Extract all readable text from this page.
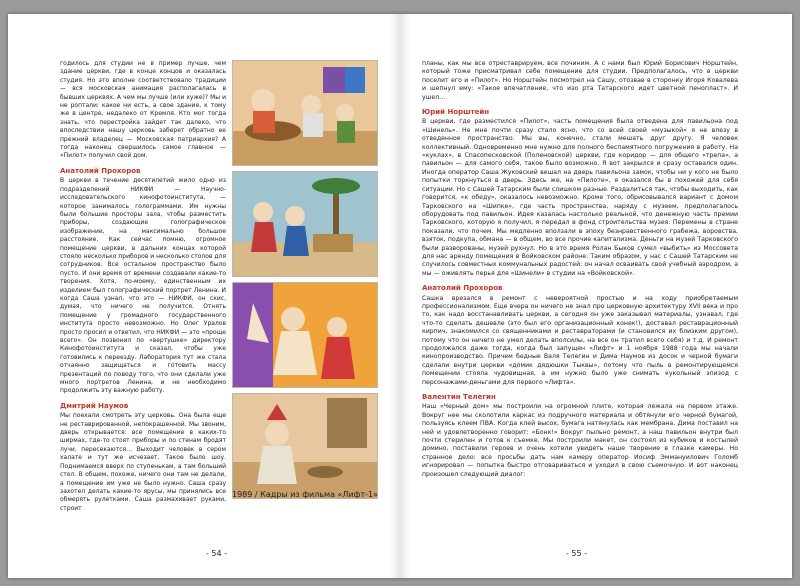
годилось для студии не в пример лучше, чем здание церкви, где в конце концов и оказалась студия. Но это вполне соответствовало традиции — вся московская анимация располагалась в бывших церквях. А чем мы лучше (или хуже)? Мы и не роптали: какое ни есть, а свое здание, к тому же в центре, недалеко от Кремля. Кто мог тогда знать, что перестройка зайдет так далеко, что впоследствии нашу церковь заберет обратно ее прежний владелец — Московская патриархия? А тогда наконец свершилось самое главное — «Пилот» получил свой дом.

Анатолий Прохоров

В церкви в течение десятилетий жило одно из подразделений НИКФИ — Научно-исследовательского кинофотоинститута, — которое занималось голограммами. Им нужны были большие просторы зала, чтобы разместить приборы, создающие голографическое изображение, на максимально большое расстояние. Как сейчас помню, огромное помещение церкви, в дальних концах которой стояло несколько приборов и несколько столов для сотрудников. Все остальное пространство было пусто. И они время от времени создавали какие-то творения. Хотя, по-моему, единственным их изделием был голографический портрет Ленина. И когда Саша узнал, что это — НИКФИ, он скис, думая, что ничего не получится. Отнять помещение у громадного государственного института просто невозможно. Но Олег Уралов просто просил и ответил, что НИКФИ — это «проще всего». Он позвонил по «вертушке» директору Кинофотоинститута и сказал, чтобы уже готовились к переезду. Лаборатория тут же стала отчаянно защищаться и готовить массу презентаций по поводу того, что они сделали уже много портретов Ленина, и не необходимо продолжить эту важную работу.

Дмитрий Наумов

Мы поехали смотреть эту церковь. Она была еще не реставрированной, непокрашенной. Мы звоним, дверь открывается: все помещение в каких-то ширмах, где-то стоят приборы и по стенам бродят лучи, пересекаются… Выходит человек в сером халате и тут же исчезает. Такое было шоу. Поднимаемся вверх по ступенькам, а там больший стол. В общем, похоже, ничего они там не делали, а помещение им уже не было нужно. Саша сразу захотел делать какие-то ярусы, мы принялись все обмерять рулетками. Саша размахивает руками, строит

1989 / Кадры из фильма «Лифт-1»
- 54 -

планы, как мы все отреставрируем, все починим. А с нами был Юрий Борисович Норштейн, который тоже присматривал себе помещение для студии. Предполагалось, что в церкви поселит его и «Пилот». Но Норштейн посмотрел на Сашу, отозвав в сторонку Игоря Ковалева и шепнул ему: «Такое впечатление, что изо рта Татарского идет цветной пенопласт». И ушел…

Юрий Норштейн

В церкви, где разместился «Пилот», часть помещения была отведена для павильона под «Шинель». Не мне почти сразу стало ясно, что со всей своей «музыкой» я не влезу в отведенное пространство. Мы вы, конечно, стали мешать друг другу. Я человек коллективный. Одновременно мне нужно для полного беспамятного погружения в работу. На «куклах», в Спасопесковской (Поленовской) церкви, где коридор — для общего «трепа», а павильон — для самого себя, такое было возможно. Я вот закрылся и сразу оставался один. Иногда оператор Саша Жуковский вешал на дверь павильона замок, чтобы ни у кого не было попытки торкнуться в дверь. Здесь же, на «Пилоте», я оказался бы в похожей для себя ситуации. Но с Сашей Татарским были слишком разные. Раздалиться так, чтобы выходить, как говорится, «к обеду», оказалось невозможно. Кроме того, обрисовывался вариант с домом Тарковского на «Шипке», где часть пространства, наряду с музеем, предполагалось оборудовать под павильон. Идея казалась настолько реальной, что денежную часть премии Тарковского, которую я получил, я передал в фонд строительства музея. Перемены в стране показали, что почем. Мы медленно вползали в эпоху безнравственного грабежа, воровства, взяток, подкупа, обмана — в общем, во все прочие капитализма. Деньги на музей Тарковского были разворованы, музей рухнул. Но в это время Ролан Быков сумел «выбить» из Моссовета для нас аренду помещения в Войковском районе. Таким образом, у нас с Сашей Татарским не случилось совместных коммунальных радостей: он начал осваивать свой учебный аэродром, а мы — оживлять перья для «Шинели» в студии на «Войковской».

Анатолий Прохоров

Сашка врезался в ремонт с невероятной простью и на ходу приобретаемым профессионализмом. Еще вчера он ничего не знал про церковную архитектуру XVII века и про то, как надо восстанавливать церкви, а сегодня он уже заказывал материалы, узнавал, где что-то сделать дешевле (это был его организационный конек!), доставал реставрационный кирпич, знакомился со священниками и реставраторами (и становился их близким другом), потому что он ничего не умел делать вполсилы, на все он тратил всего себя) и т.д. И ремонт продолжался даже тогда, когда был запущен «Лифт» и 1 ноября 1988 года мы начали кинопроизводство. Причем бедные Валя Телегин и Дима Наумов из досок и черной бумаги сделали внутри церкви «домик дядюшки Тыквы», потому что пыль в ремонтирующемся помещении стояла чудовищная, а им нужно было уже снимать кукольный эпизод с персонажами-деньгами для первого «Лифта».

Валентин Телегин

Наш «Черный дом» мы построили на огромной плите, которая лежала на первом этаже. Вокруг нее мы сколотили каркас из подручного материала и обтянули его черной бумагой, пользуясь клеем ПВА. Когда клей высох, бумага натянулась как мембрана. Дима поставил на ней и удовлетворенно говорит: «Бонк!» Вокруг пыльно ремонт, а наш павильон внутри был почти стерилен и готов к съемке. Мы построили макет, он состоял из кубиков и костылей домино, поставили героев и очень хотели увидеть наше творение в глазке камеры. Но странное дело: все просьбы дать нам камеру оператор Иосиф Эммануилович Голомб игнорировал — попытка быстро отговариваться и уходил в свою съемочную. И вот наконец произошел следующий диалог:

- 55 -
